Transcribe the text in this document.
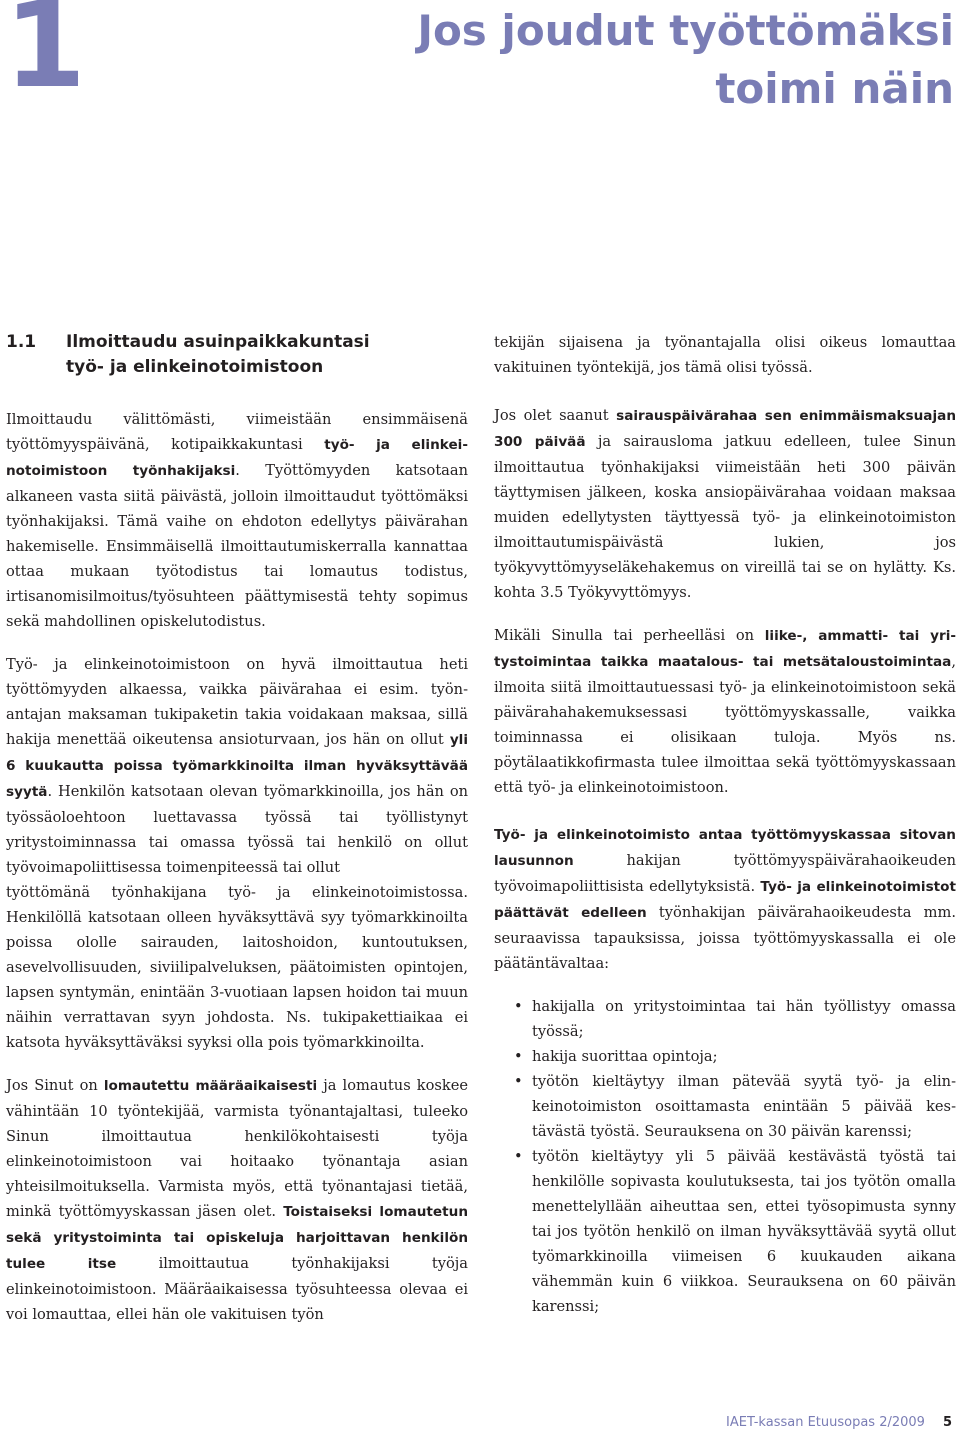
1	Jos joudut työttömäksi
toimi näin
1.1 Ilmoittaudu asuinpaikkakuntasi
työ- ja elinkeinotoimistoon

Ilmoittaudu välittömästi, viimeistään ensimmäisenä työttömyyspäivänä, kotipaikkakuntasi työ- ja elinkeinotoimistoon työnhakijaksi. Työttömyyden katsotaan alkaneen vasta siitä päivästä, jolloin ilmoittaudut työttömäksi työnhakijaksi. Tämä vaihe on ehdoton edellytys päivärahan hakemiselle. Ensimmäisellä ilmoittautumiskerralla kannattaa ottaa mukaan työtodistus tai lomautus todistus, irtisanomisilmoitus/työsuhteen päättymisestä tehty sopimus sekä mahdollinen opiskelutodistus.

Työ- ja elinkeinotoimistoon on hyvä ilmoittautua heti työttömyyden alkaessa, vaikka päivärahaa ei esim. työnantajan maksaman tukipaketin takia voidakaan maksaa, sillä hakija menettää oikeutensa ansioturvaan, jos hän on ollut yli 6 kuukautta poissa työmarkkinoilta ilman hyväksyttävää syytä. Henkilön katsotaan olevan työmarkkinoilla, jos hän on työssäoloehtoon luettavassa työssä tai työllistynyt yritystoiminnassa tai omassa työssä tai henkilö on ollut työvoimapoliittisessa toimenpiteessä tai ollut
työttömänä työnhakijana työ- ja elinkeinotoimistossa. Henkilöllä katsotaan olleen hyväksyttävä syy työmarkkinoilta poissa ololle sairauden, laitoshoidon, kuntoutuksen, asevelvollisuuden, siviilipalveluksen, päätoimisten opintojen, lapsen syntymän, enintään 3-vuotiaan lapsen hoidon tai muun näihin verrattavan syyn johdosta. Ns. tukipakettiaikaa ei katsota hyväksyttäväksi syyksi olla pois työmarkkinoilta.

Jos Sinut on lomautettu määräaikaisesti ja lomautus koskee vähintään 10 työntekijää, varmista työnantajaltasi, tuleeko Sinun ilmoittautua henkilökohtaisesti työja elinkeinotoimistoon vai hoitaako työnantaja asian yhteisilmoituksella. Varmista myös, että työnantajasi tietää, minkä työttömyyskassan jäsen olet. Toistaiseksi lomautetun sekä yritystoiminta tai opiskeluja harjoittavan henkilön tulee itse ilmoittautua työnhakijaksi työja elinkeinotoimistoon. Määräaikaisessa työsuhteessa olevaa ei voi lomauttaa, ellei hän ole vakituisen työn

tekijän sijaisena ja työnantajalla olisi oikeus lomauttaa vakituinen työntekijä, jos tämä olisi työssä.

Jos olet saanut sairauspäivärahaa sen enimmäismaksuajan 300 päivää ja sairausloma jatkuu edelleen, tulee Sinun ilmoittautua työnhakijaksi viimeistään heti 300 päivän täyttymisen jälkeen, koska ansiopäivärahaa voidaan maksaa muiden edellytysten täyttyessä työ- ja elinkeinotoimiston ilmoittautumispäivästä lukien, jos työkyvyttömyyseläkehakemus on vireillä tai se on hylätty. Ks. kohta 3.5 Työkyvyttömyys.

Mikäli Sinulla tai perheelläsi on liike-, ammatti- tai yritystoimintaa taikka maatalous- tai metsätaloustoimintaa, ilmoita siitä ilmoittautuessasi työ- ja elinkeinotoimistoon sekä päivärahahakemuksessasi työttömyyskassalle, vaikka toiminnassa ei olisikaan tuloja. Myös ns. pöytälaatikkofirmasta tulee ilmoittaa sekä työttömyyskassaan että työ- ja elinkeinotoimistoon.

Työ- ja elinkeinotoimisto antaa työttömyyskassaa sitovan lausunnon hakijan työttömyyspäivärahaoikeuden työvoimapoliittisista edellytyksistä. Työ- ja elinkeinotoimistot päättävät edelleen työnhakijan päivärahaoikeudesta mm. seuraavissa tapauksissa, joissa työttömyyskassalla ei ole päätäntävaltaa:

• hakijalla on yritystoimintaa tai hän työllistyy omassa työssä;
• hakija suorittaa opintoja;
• työtön kieltäytyy ilman pätevää syytä työ- ja elinkeinotoimiston osoittamasta enintään 5 päivää kestävästä työstä. Seurauksena on 30 päivän karenssi;
• työtön kieltäytyy yli 5 päivää kestävästä työstä tai henkilölle sopivasta koulutuksesta, tai jos työtön omalla menettelyllään aiheuttaa sen, ettei työsopimusta synny tai jos työtön henkilö on ilman hyväksyttävää syytä ollut työmarkkinoilla viimeisen 6 kuukauden aikana vähemmän kuin 6 viikkoa. Seurauksena on 60 päivän karenssi;
IAET-kassan Etuusopas 2/2009 5
